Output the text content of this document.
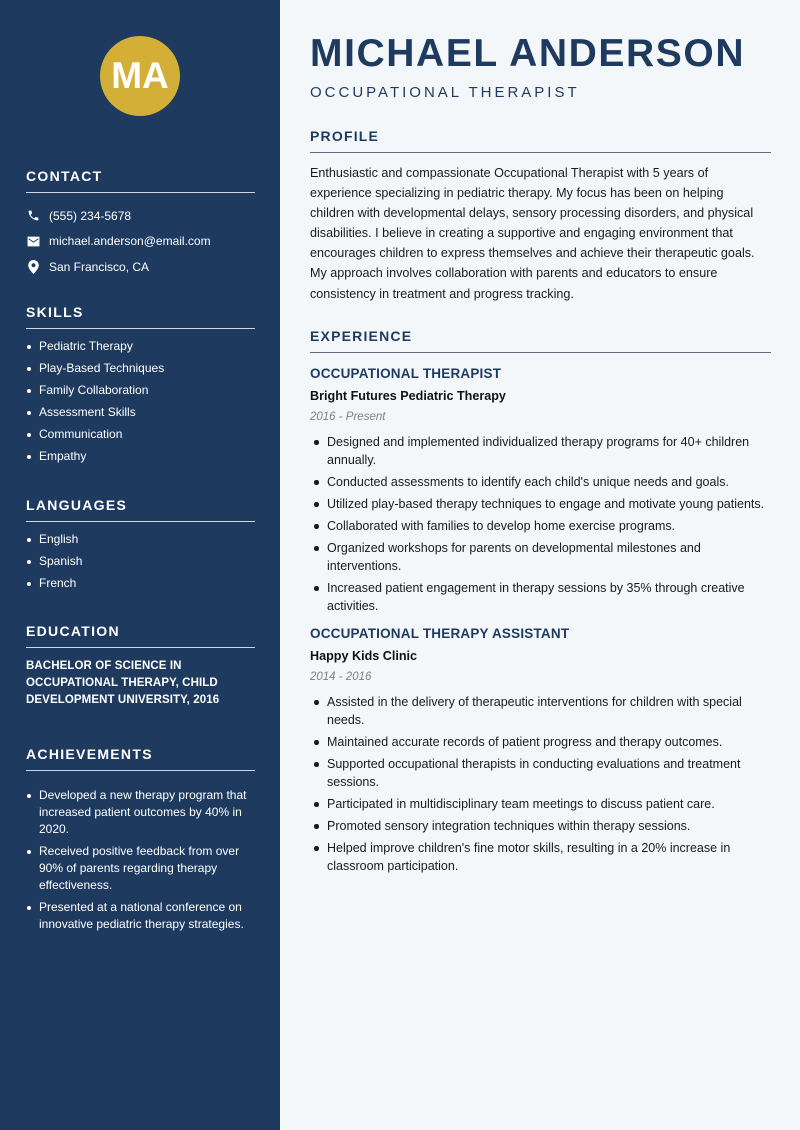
MA
CONTACT
(555) 234-5678
michael.anderson@email.com
San Francisco, CA
SKILLS
Pediatric Therapy
Play-Based Techniques
Family Collaboration
Assessment Skills
Communication
Empathy
LANGUAGES
English
Spanish
French
EDUCATION

BACHELOR OF SCIENCE IN OCCUPATIONAL THERAPY, CHILD DEVELOPMENT UNIVERSITY, 2016

ACHIEVEMENTS
Developed a new therapy program that increased patient outcomes by 40% in 2020.
Received positive feedback from over 90% of parents regarding therapy effectiveness.
Presented at a national conference on innovative pediatric therapy strategies.
MICHAEL ANDERSON
OCCUPATIONAL THERAPIST
PROFILE

Enthusiastic and compassionate Occupational Therapist with 5 years of experience specializing in pediatric therapy. My focus has been on helping children with developmental delays, sensory processing disorders, and physical disabilities. I believe in creating a supportive and engaging environment that encourages children to express themselves and achieve their therapeutic goals. My approach involves collaboration with parents and educators to ensure consistency in treatment and progress tracking.

EXPERIENCE
OCCUPATIONAL THERAPIST
Bright Futures Pediatric Therapy
2016 - Present
Designed and implemented individualized therapy programs for 40+ children annually.
Conducted assessments to identify each child's unique needs and goals.
Utilized play-based therapy techniques to engage and motivate young patients.
Collaborated with families to develop home exercise programs.
Organized workshops for parents on developmental milestones and interventions.
Increased patient engagement in therapy sessions by 35% through creative activities.
OCCUPATIONAL THERAPY ASSISTANT
Happy Kids Clinic
2014 - 2016
Assisted in the delivery of therapeutic interventions for children with special needs.
Maintained accurate records of patient progress and therapy outcomes.
Supported occupational therapists in conducting evaluations and treatment sessions.
Participated in multidisciplinary team meetings to discuss patient care.
Promoted sensory integration techniques within therapy sessions.
Helped improve children's fine motor skills, resulting in a 20% increase in classroom participation.
